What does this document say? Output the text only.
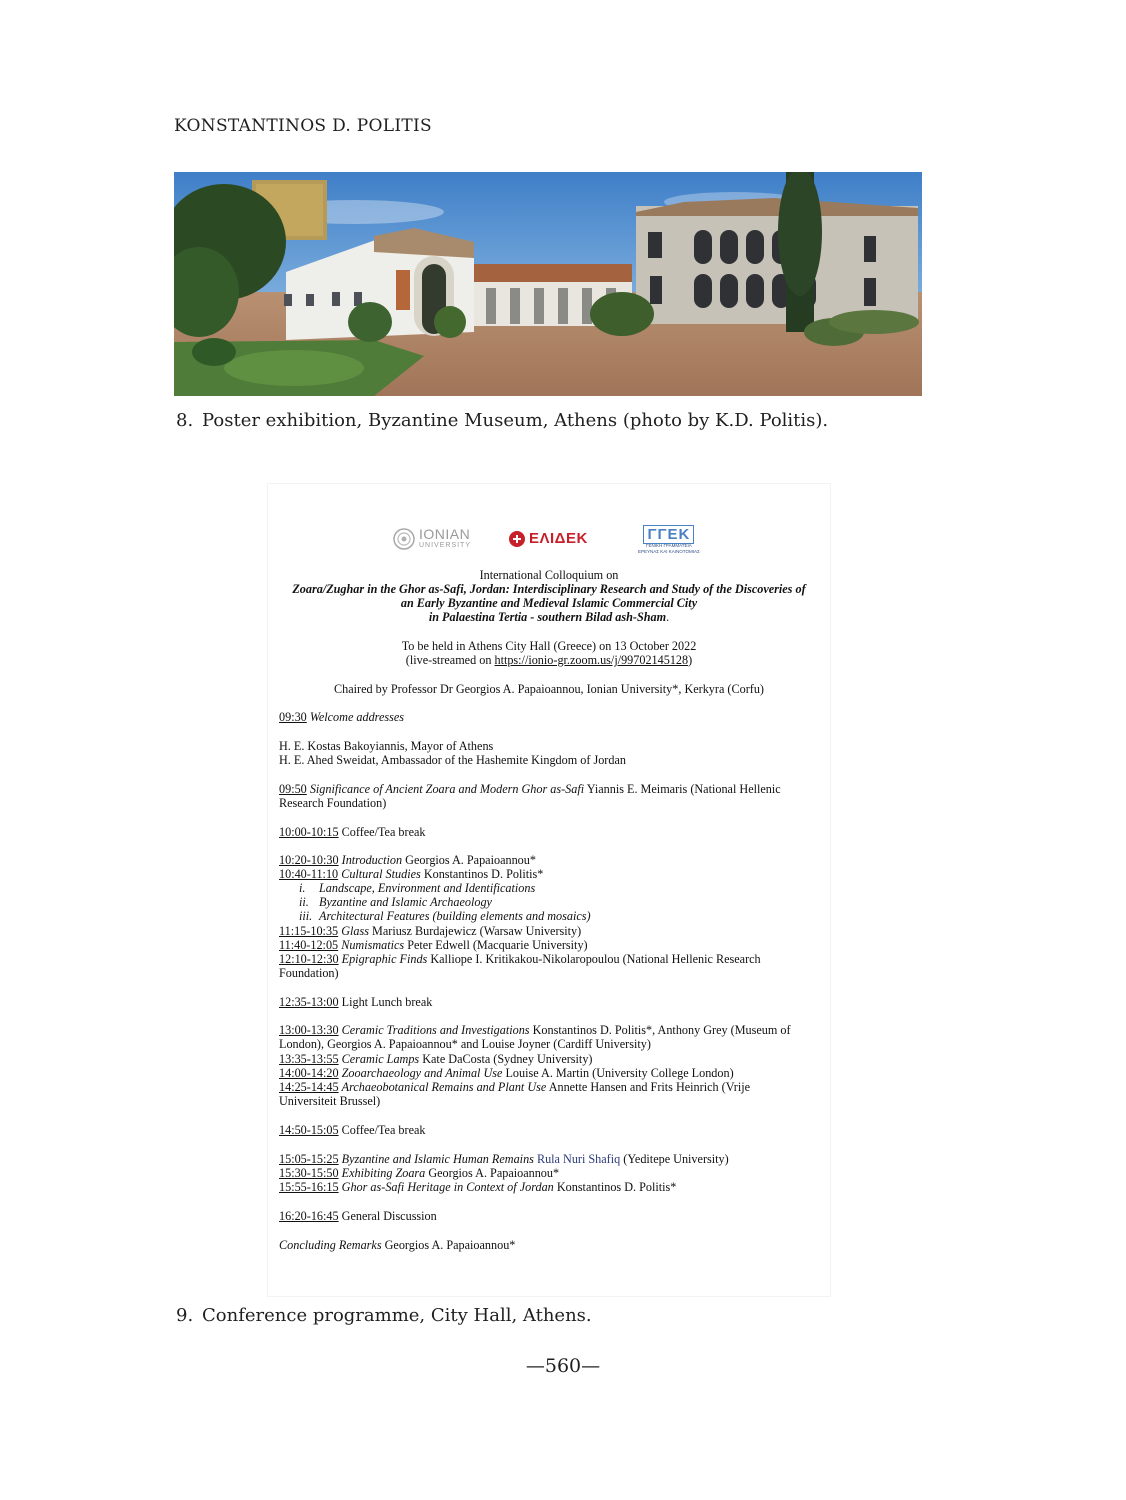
KONSTANTINOS D. POLITIS
8. Poster exhibition, Byzantine Museum, Athens (photo by K.D. Politis).
IONIAN
UNIVERSITY	ΕΛΙΔΕΚ	ΓΓΕΚ
ΓΕΝΙΚΗ ΓΡΑΜΜΑΤΕΙΑ
ΕΡΕΥΝΑΣ ΚΑΙ ΚΑΙΝΟΤΟΜΙΑΣ
International Colloquium on
Zoara/Zughar in the Ghor as-Safi, Jordan: Interdisciplinary Research and Study of the Discoveries of
an Early Byzantine and Medieval Islamic Commercial City
in Palaestina Tertia - southern Bilad ash-Sham.
To be held in Athens City Hall (Greece) on 13 October 2022
(live-streamed on https://ionio-gr.zoom.us/j/99702145128)
Chaired by Professor Dr Georgios A. Papaioannou, Ionian University*, Kerkyra (Corfu)
09:30 Welcome addresses
H. E. Kostas Bakoyiannis, Mayor of Athens
H. E. Ahed Sweidat, Ambassador of the Hashemite Kingdom of Jordan
09:50 Significance of Ancient Zoara and Modern Ghor as-Safi Yiannis E. Meimaris (National Hellenic
Research Foundation)
10:00-10:15 Coffee/Tea break
10:20-10:30 Introduction Georgios A. Papaioannou*
10:40-11:10 Cultural Studies Konstantinos D. Politis*
i. Landscape, Environment and Identifications
ii. Byzantine and Islamic Archaeology
iii. Architectural Features (building elements and mosaics)
11:15-10:35 Glass Mariusz Burdajewicz (Warsaw University)
11:40-12:05 Numismatics Peter Edwell (Macquarie University)
12:10-12:30 Epigraphic Finds Kalliope I. Kritikakou-Nikolaropoulou (National Hellenic Research
Foundation)
12:35-13:00 Light Lunch break
13:00-13:30 Ceramic Traditions and Investigations Konstantinos D. Politis*, Anthony Grey (Museum of
London), Georgios A. Papaioannou* and Louise Joyner (Cardiff University)
13:35-13:55 Ceramic Lamps Kate DaCosta (Sydney University)
14:00-14:20 Zooarchaeology and Animal Use Louise A. Martin (University College London)
14:25-14:45 Archaeobotanical Remains and Plant Use Annette Hansen and Frits Heinrich (Vrije
Universiteit Brussel)
14:50-15:05 Coffee/Tea break
15:05-15:25 Byzantine and Islamic Human Remains Rula Nuri Shafiq (Yeditepe University)
15:30-15:50 Exhibiting Zoara Georgios A. Papaioannou*
15:55-16:15 Ghor as-Safi Heritage in Context of Jordan Konstantinos D. Politis*
16:20-16:45 General Discussion
Concluding Remarks Georgios A. Papaioannou*
9. Conference programme, City Hall, Athens.
—560—
